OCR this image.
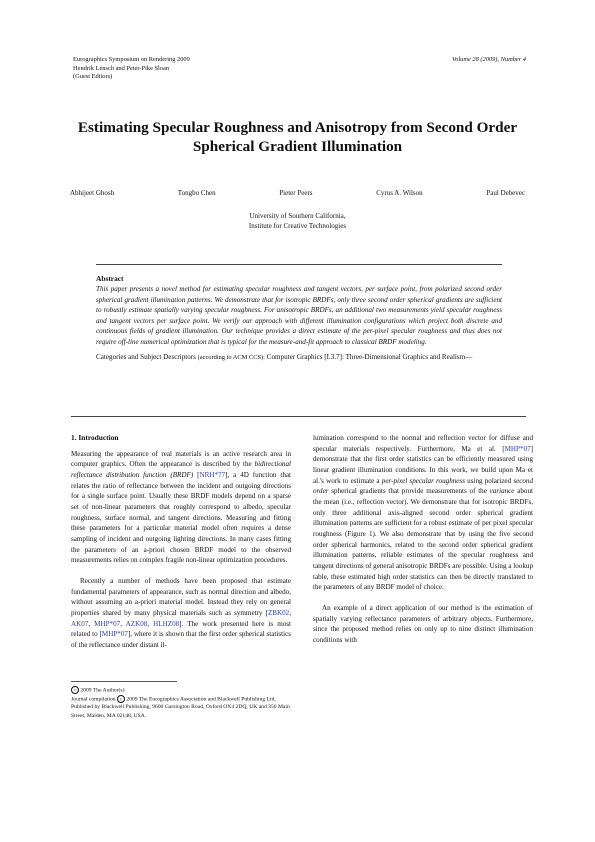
Eurographics Symposium on Rendering 2009
Hendrik Lensch and Peter-Pike Sloan
(Guest Editors)
Volume 28 (2009), Number 4
Estimating Specular Roughness and Anisotropy from Second Order Spherical Gradient Illumination
Abhijeet Ghosh	Tongbo Chen	Pieter Peers	Cyrus A. Wilson	Paul Debevec
University of Southern California,
Institute for Creative Technologies
Abstract
This paper presents a novel method for estimating specular roughness and tangent vectors, per surface point, from polarized second order spherical gradient illumination patterns. We demonstrate that for isotropic BRDFs, only three second order spherical gradients are sufficient to robustly estimate spatially varying specular roughness. For anisotropic BRDFs, an additional two measurements yield specular roughness and tangent vectors per surface point. We verify our approach with different illumination configurations which project both discrete and continuous fields of gradient illumination. Our technique provides a direct estimate of the per-pixel specular roughness and thus does not require off-line numerical optimization that is typical for the measure-and-fit approach to classical BRDF modeling.
Categories and Subject Descriptors (according to ACM CCS): Computer Graphics [I.3.7]: Three-Dimensional Graphics and Realism—
1. Introduction
Measuring the appearance of real materials is an active research area in computer graphics. Often the appearance is described by the bidirectional reflectance distribution function (BRDF) [NRH*77], a 4D function that relates the ratio of reflectance between the incident and outgoing directions for a single surface point. Usually these BRDF models depend on a sparse set of non-linear parameters that roughly correspond to albedo, specular roughness, surface normal, and tangent directions. Measuring and fitting these parameters for a particular material model often requires a dense sampling of incident and outgoing lighting directions. In many cases fitting the parameters of an a-priori chosen BRDF model to the observed measurements relies on complex fragile non-linear optimization procedures.
Recently a number of methods have been proposed that estimate fundamental parameters of appearance, such as normal direction and albedo, without assuming an a-priori material model. Instead they rely on general properties shared by many physical materials such as symmetry [ZBK02, AK07, MHP*07, AZK08, HLHZ08]. The work presented here is most related to [MHP*07], where it is shown that the first order spherical statistics of the reflectance under distant il-
lumination correspond to the normal and reflection vector for diffuse and specular materials respectively. Furthermore, Ma et al. [MHP*07] demonstrate that the first order statistics can be efficiently measured using linear gradient illumination conditions. In this work, we build upon Ma et al.'s work to estimate a per-pixel specular roughness using polarized second order spherical gradients that provide measurements of the variance about the mean (i.e., reflection vector). We demonstrate that for isotropic BRDFs, only three additional axis-aligned second order spherical gradient illumination patterns are sufficient for a robust estimate of per pixel specular roughness (Figure 1). We also demonstrate that by using the five second order spherical harmonics, related to the second order spherical gradient illumination patterns, reliable estimates of the specular roughness and tangent directions of general anisotropic BRDFs are possible. Using a lookup table, these estimated high order statistics can then be directly translated to the parameters of any BRDF model of choice.
An example of a direct application of our method is the estimation of spatially varying reflectance parameters of arbitrary objects. Furthermore, since the proposed method relies on only up to nine distinct illumination conditions with
c 2009 The Author(s)
Journal compilation c 2009 The Eurographics Association and Blackwell Publishing Ltd.
Published by Blackwell Publishing, 9600 Garsington Road, Oxford OX4 2DQ, UK and 350 Main Street, Malden, MA 02148, USA.
